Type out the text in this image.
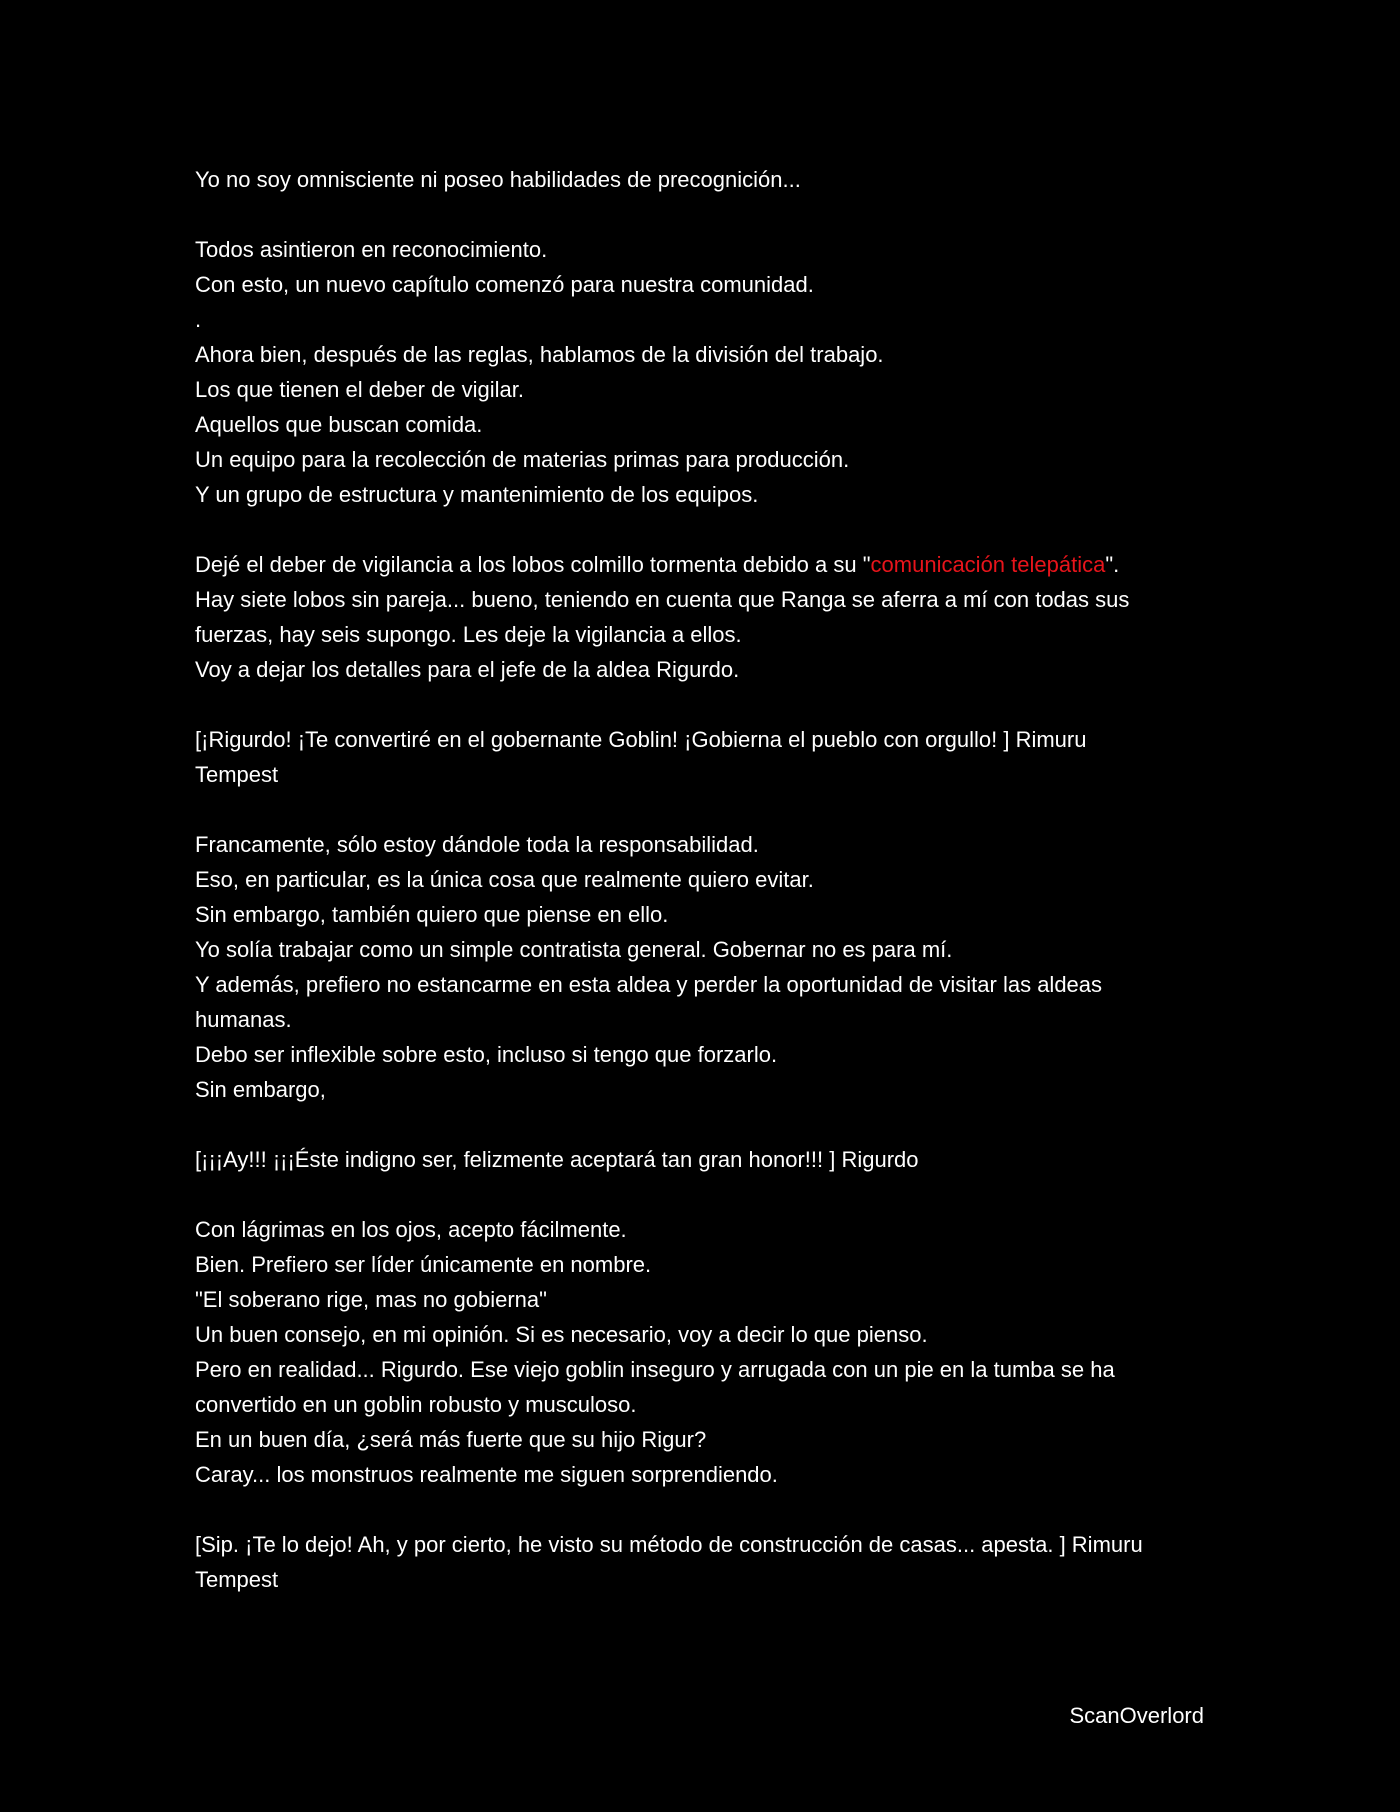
Yo no soy omnisciente ni poseo habilidades de precognición...
Todos asintieron en reconocimiento.
Con esto, un nuevo capítulo comenzó para nuestra comunidad.
.
Ahora bien, después de las reglas, hablamos de la división del trabajo.
Los que tienen el deber de vigilar.
Aquellos que buscan comida.
Un equipo para la recolección de materias primas para producción.
Y un grupo de estructura y mantenimiento de los equipos.
Dejé el deber de vigilancia a los lobos colmillo tormenta debido a su "comunicación telepática".
Hay siete lobos sin pareja... bueno, teniendo en cuenta que Ranga se aferra a mí con todas sus
fuerzas, hay seis supongo. Les deje la vigilancia a ellos.
Voy a dejar los detalles para el jefe de la aldea Rigurdo.
[¡Rigurdo! ¡Te convertiré en el gobernante Goblin! ¡Gobierna el pueblo con orgullo! ] Rimuru
Tempest
Francamente, sólo estoy dándole toda la responsabilidad.
Eso, en particular, es la única cosa que realmente quiero evitar.
Sin embargo, también quiero que piense en ello.
Yo solía trabajar como un simple contratista general. Gobernar no es para mí.
Y además, prefiero no estancarme en esta aldea y perder la oportunidad de visitar las aldeas
humanas.
Debo ser inflexible sobre esto, incluso si tengo que forzarlo.
Sin embargo,
[¡¡¡Ay!!! ¡¡¡Éste indigno ser, felizmente aceptará tan gran honor!!! ] Rigurdo
Con lágrimas en los ojos, acepto fácilmente.
Bien. Prefiero ser líder únicamente en nombre.
"El soberano rige, mas no gobierna"
Un buen consejo, en mi opinión. Si es necesario, voy a decir lo que pienso.
Pero en realidad... Rigurdo. Ese viejo goblin inseguro y arrugada con un pie en la tumba se ha
convertido en un goblin robusto y musculoso.
En un buen día, ¿será más fuerte que su hijo Rigur?
Caray... los monstruos realmente me siguen sorprendiendo.
[Sip. ¡Te lo dejo! Ah, y por cierto, he visto su método de construcción de casas... apesta. ] Rimuru
Tempest
ScanOverlord
